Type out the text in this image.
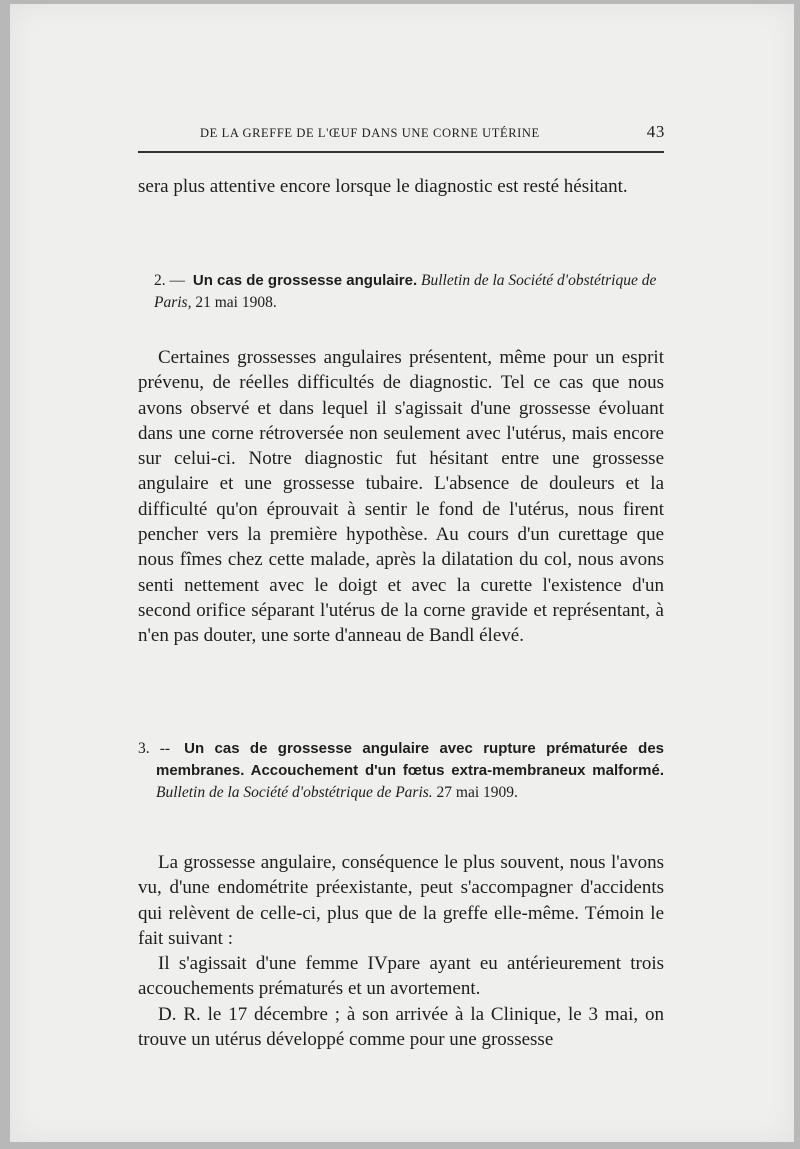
DE LA GREFFE DE L'ŒUF DANS UNE CORNE UTÉRINE	43

sera plus attentive encore lorsque le diagnostic est resté hésitant.

2. — Un cas de grossesse angulaire. Bulletin de la Société d'obstétrique de Paris, 21 mai 1908.

Certaines grossesses angulaires présentent, même pour un esprit prévenu, de réelles difficultés de diagnostic. Tel ce cas que nous avons observé et dans lequel il s'agissait d'une grossesse évoluant dans une corne rétroversée non seulement avec l'utérus, mais encore sur celui-ci. Notre diagnostic fut hésitant entre une grossesse angulaire et une grossesse tubaire. L'absence de douleurs et la difficulté qu'on éprouvait à sentir le fond de l'utérus, nous firent pencher vers la première hypothèse. Au cours d'un curettage que nous fîmes chez cette malade, après la dilatation du col, nous avons senti nettement avec le doigt et avec la curette l'existence d'un second orifice séparant l'utérus de la corne gravide et représentant, à n'en pas douter, une sorte d'anneau de Bandl élevé.

3. -- Un cas de grossesse angulaire avec rupture prématurée des membranes. Accouchement d'un fœtus extra-membraneux malformé. Bulletin de la Société d'obstétrique de Paris. 27 mai 1909.

La grossesse angulaire, conséquence le plus souvent, nous l'avons vu, d'une endométrite préexistante, peut s'accompagner d'accidents qui relèvent de celle-ci, plus que de la greffe elle-même. Témoin le fait suivant :

Il s'agissait d'une femme IVpare ayant eu antérieurement trois accouchements prématurés et un avortement.

D. R. le 17 décembre ; à son arrivée à la Clinique, le 3 mai, on trouve un utérus développé comme pour une grossesse
